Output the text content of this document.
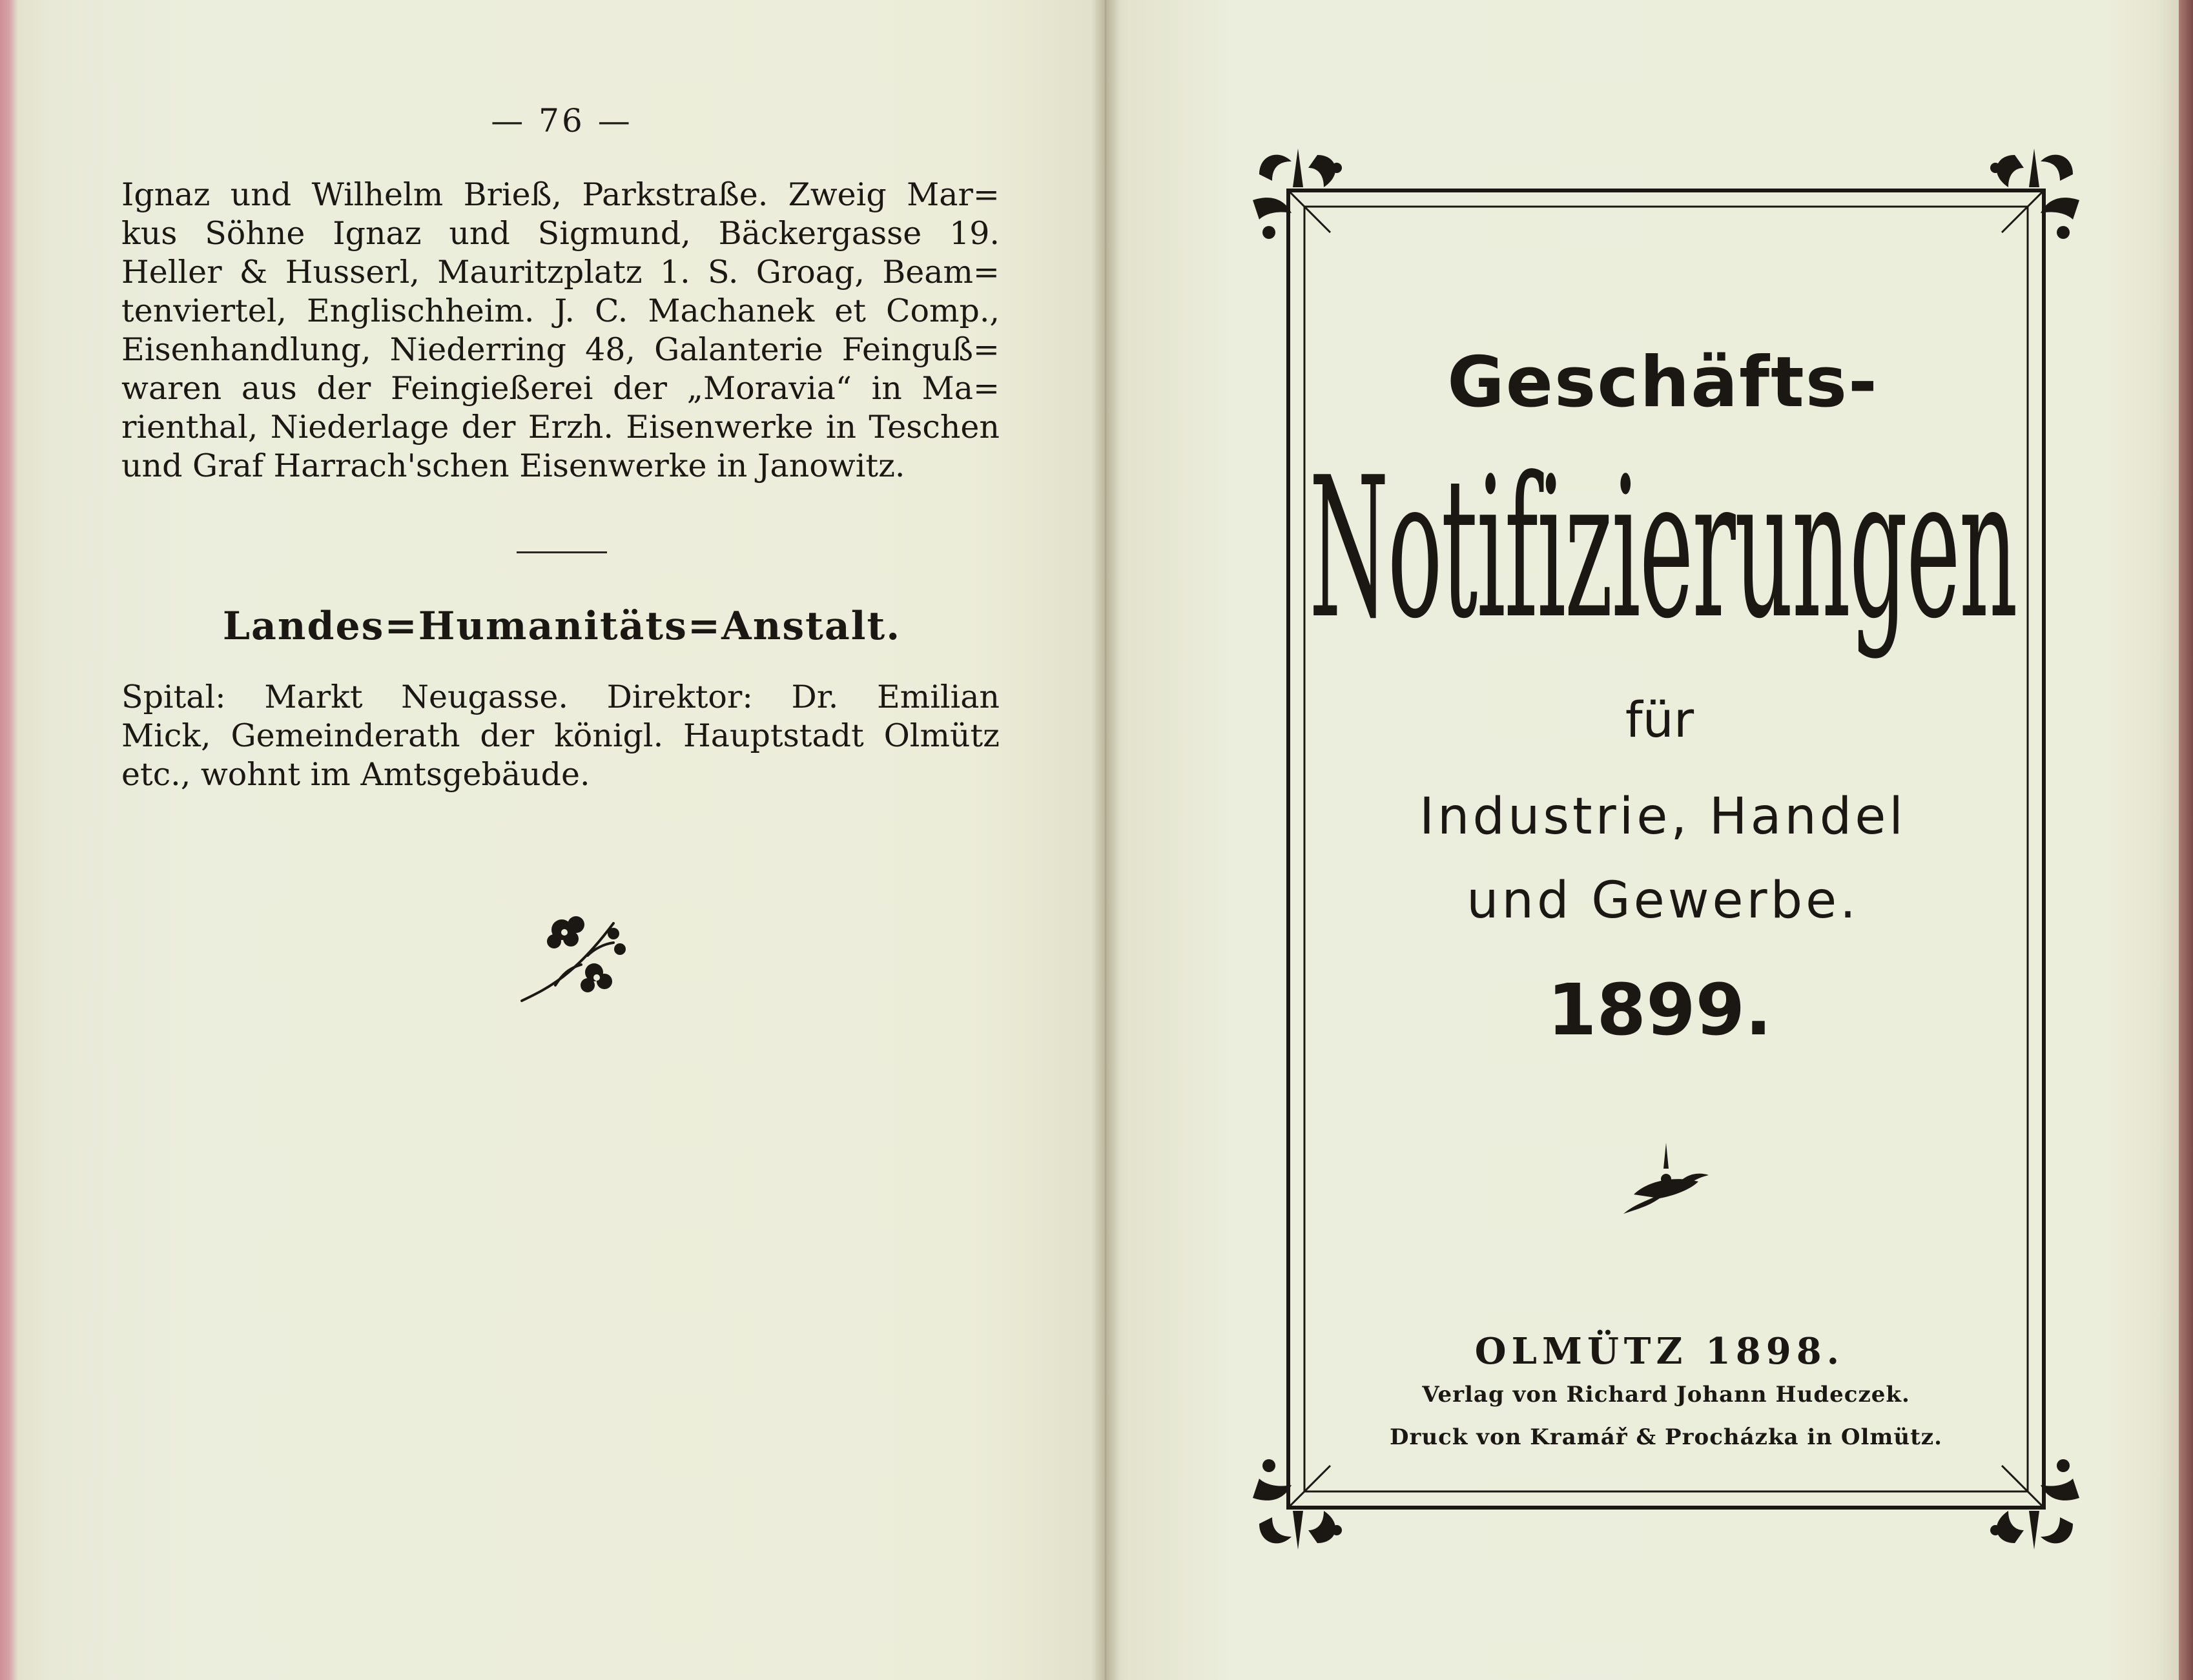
— 76 —
Ignaz und Wilhelm Brieß, Parkstraße. Zweig Mar=
kus Söhne Ignaz und Sigmund, Bäckergasse 19.
Heller & Husserl, Mauritzplatz 1. S. Groag, Beam=
tenviertel, Englischheim. J. C. Machanek et Comp.,
Eisenhandlung, Niederring 48, Galanterie Feinguß=
waren aus der Feingießerei der „Moravia“ in Ma=
rienthal, Niederlage der Erzh. Eisenwerke in Teschen
und Graf Harrach'schen Eisenwerke in Janowitz.
Landes=Humanitäts=Anstalt.
Spital: Markt Neugasse. Direktor: Dr. Emilian
Mick, Gemeinderath der königl. Hauptstadt Olmütz
etc., wohnt im Amtsgebäude.
Geschäfts-
Notifizierungen
für
Industrie, Handel
und Gewerbe.
1899.
OLMÜTZ 1898.
Verlag von Richard Johann Hudeczek.
Druck von Kramář & Procházka in Olmütz.
